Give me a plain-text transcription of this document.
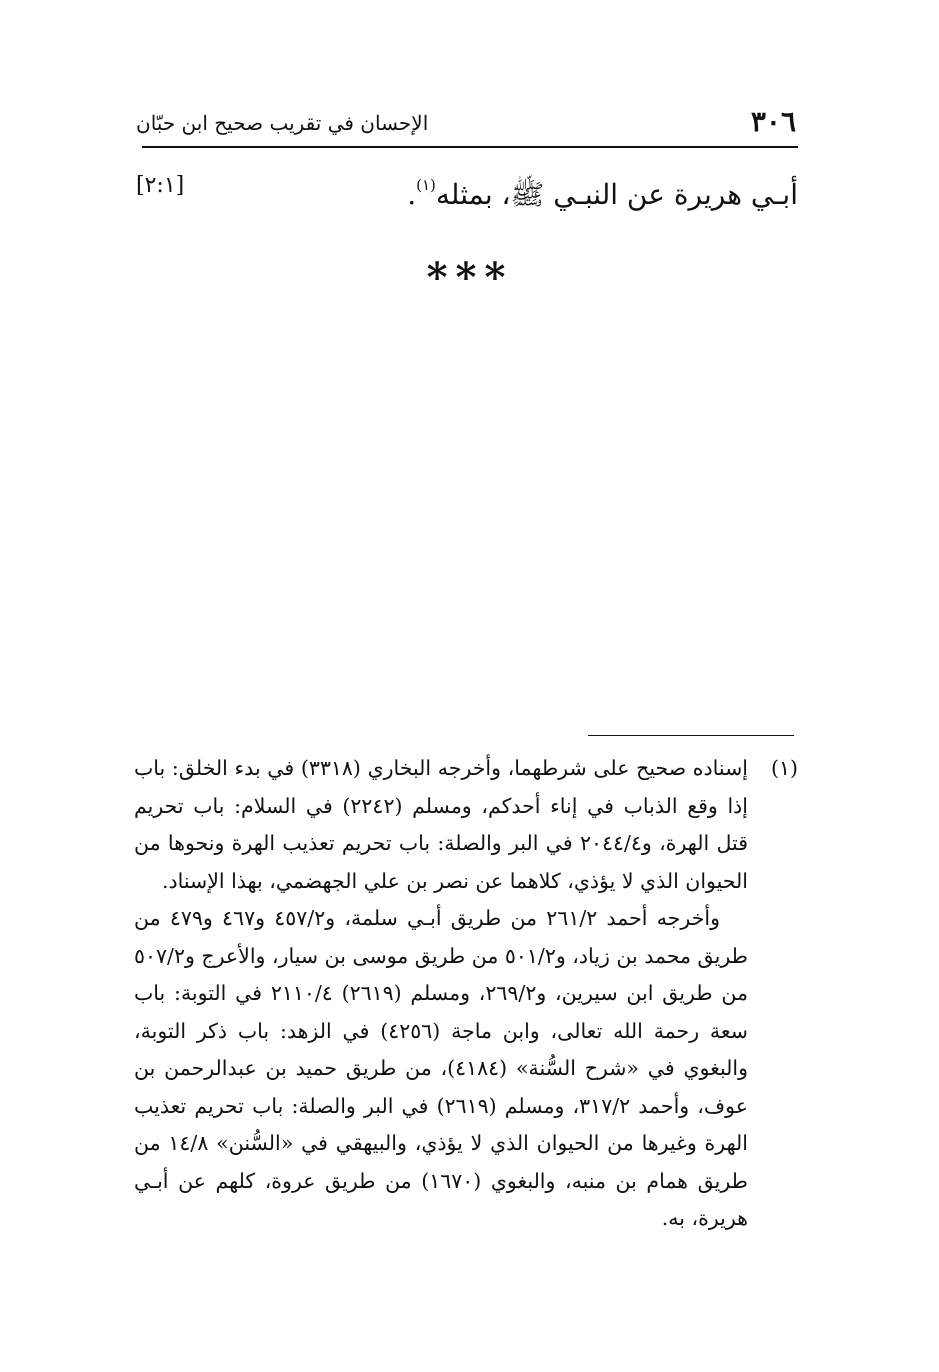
٣٠٦
الإحسان في تقريب صحيح ابن حبّان
أبـي هريرة عن النبـي ﷺ، بمثله$^{(١)}$.
[٢:١]
***
(١)

إسناده صحيح على شرطهما، وأخرجه البخاري (٣٣١٨) في بدء الخلق: باب إذا وقع الذباب في إناء أحدكم، ومسلم (٢٢٤٢) في السلام: باب تحريم قتل الهرة، و٢٠٤٤/٤ في البر والصلة: باب تحريم تعذيب الهرة ونحوها من الحيوان الذي لا يؤذي، كلاهما عن نصر بن علي الجهضمي، بهذا الإسناد.

وأخرجه أحمد ٢٦١/٢ من طريق أبـي سلمة، و٤٥٧/٢ و٤٦٧ و٤٧٩ من طريق محمد بن زياد، و٥٠١/٢ من طريق موسى بن سيار، والأعرج و٥٠٧/٢ من طريق ابن سيرين، و٢٦٩/٢، ومسلم (٢٦١٩) ٢١١٠/٤ في التوبة: باب سعة رحمة الله تعالى، وابن ماجة (٤٢٥٦) في الزهد: باب ذكر التوبة، والبغوي في «شرح السُّنة» (٤١٨٤)، من طريق حميد بن عبدالرحمن بن عوف، وأحمد ٣١٧/٢، ومسلم (٢٦١٩) في البر والصلة: باب تحريم تعذيب الهرة وغيرها من الحيوان الذي لا يؤذي، والبيهقي في «السُّنن» ١٤/٨ من طريق همام بن منبه، والبغوي (١٦٧٠) من طريق عروة، كلهم عن أبـي هريرة، به.
